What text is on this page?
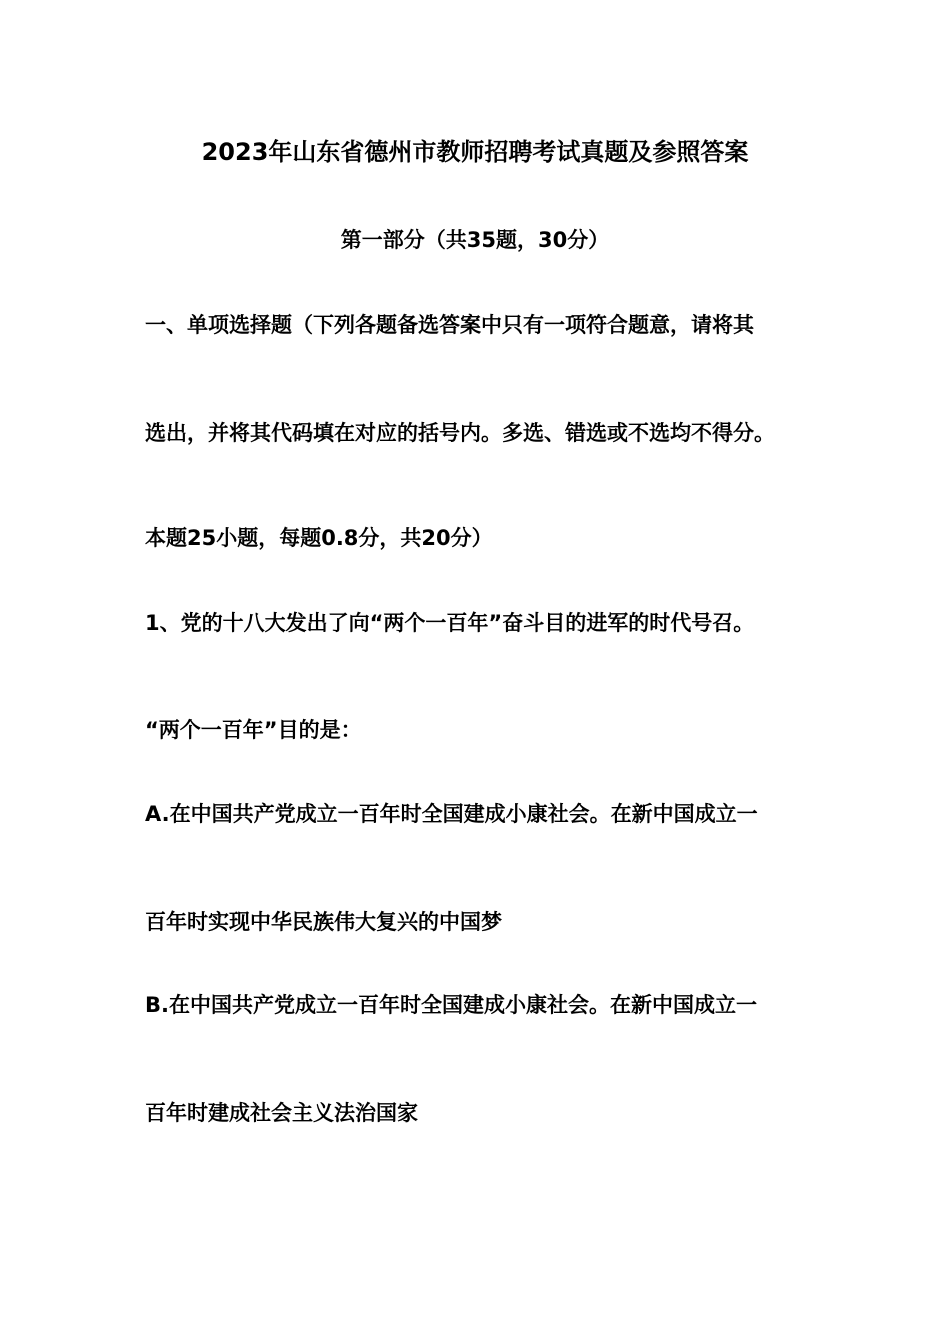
2023年山东省德州市教师招聘考试真题及参照答案
第一部分（共35题，30分）
一、单项选择题（下列各题备选答案中只有一项符合题意，请将其
选出，并将其代码填在对应的括号内。多选、错选或不选均不得分。
本题25小题，每题0.8分，共20分）
1、党的十八大发出了向“两个一百年”奋斗目的进军的时代号召。
“两个一百年”目的是：
A.在中国共产党成立一百年时全国建成小康社会。在新中国成立一
百年时实现中华民族伟大复兴的中国梦
B.在中国共产党成立一百年时全国建成小康社会。在新中国成立一
百年时建成社会主义法治国家
